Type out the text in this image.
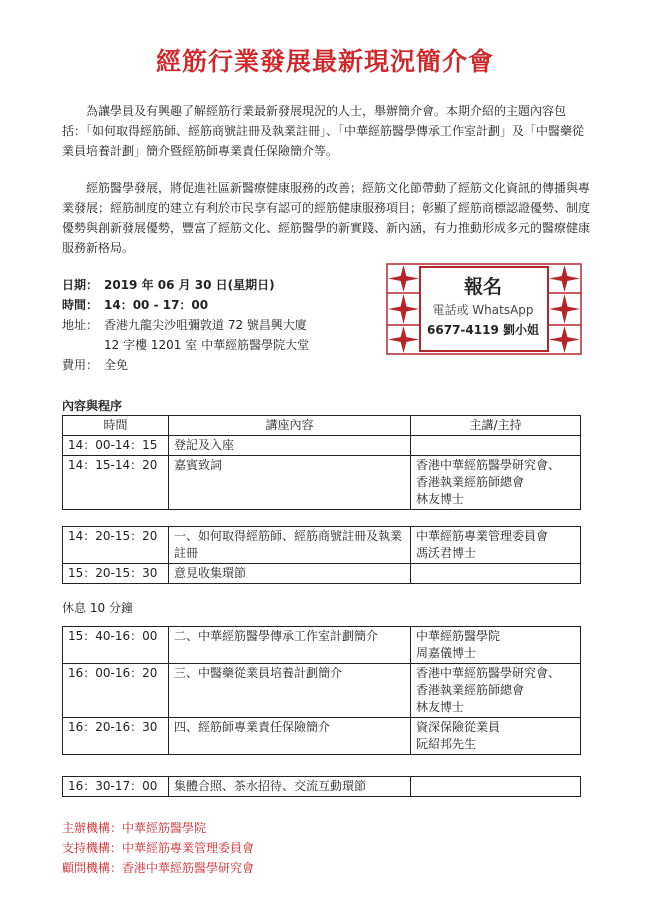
經筋行業發展最新現況簡介會

為讓學員及有興趣了解經筋行業最新發展現況的人士，舉辦簡介會。本期介紹的主題內容包括：「如何取得經筋師、經筋商號註冊及執業註冊」、「中華經筋醫學傳承工作室計劃」及「中醫藥從業員培養計劃」簡介暨經筋師專業責任保險簡介等。

經筋醫學發展，將促進社區新醫療健康服務的改善；經筋文化節帶動了經筋文化資訊的傳播與專業發展；經筋制度的建立有利於市民享有認可的經筋健康服務項目；彰顯了經筋商標認證優勢、制度優勢與創新發展優勢，豐富了經筋文化、經筋醫學的新實踐、新內涵，有力推動形成多元的醫療健康服務新格局。

日期： 2019 年 06 月 30 日(星期日)
時間： 14：00 - 17：00
地址： 香港九龍尖沙咀彌敦道 72 號昌興大廈
12 字樓 1201 室 中華經筋醫學院大堂
費用： 全免
報名
電話或 WhatsApp
6677-4119 劉小姐
內容與程序
時間	講座內容	主講/主持
14：00-14：15	登記及入座	
14：15-14：20	嘉賓致詞	香港中華經筋醫學研究會、
香港執業經筋師總會
林友博士
14：20-15：20	一、如何取得經筋師、經筋商號註冊及執業註冊	中華經筋專業管理委員會
馮沃君博士

15：20-15：30	意見收集環節	
休息 10 分鐘
15：40-16：00	二、中華經筋醫學傳承工作室計劃簡介	中華經筋醫學院
周嘉儀博士

16：00-16：20	三、中醫藥從業員培養計劃簡介	香港中華經筋醫學研究會、
香港執業經筋師總會
林友博士

16：20-16：30	四、經筋師專業責任保險簡介	資深保險從業員
阮紹邦先生
16：30-17：00	集體合照、茶水招待、交流互動環節	
主辦機構：中華經筋醫學院
支持機構：中華經筋專業管理委員會
顧問機構：香港中華經筋醫學研究會
